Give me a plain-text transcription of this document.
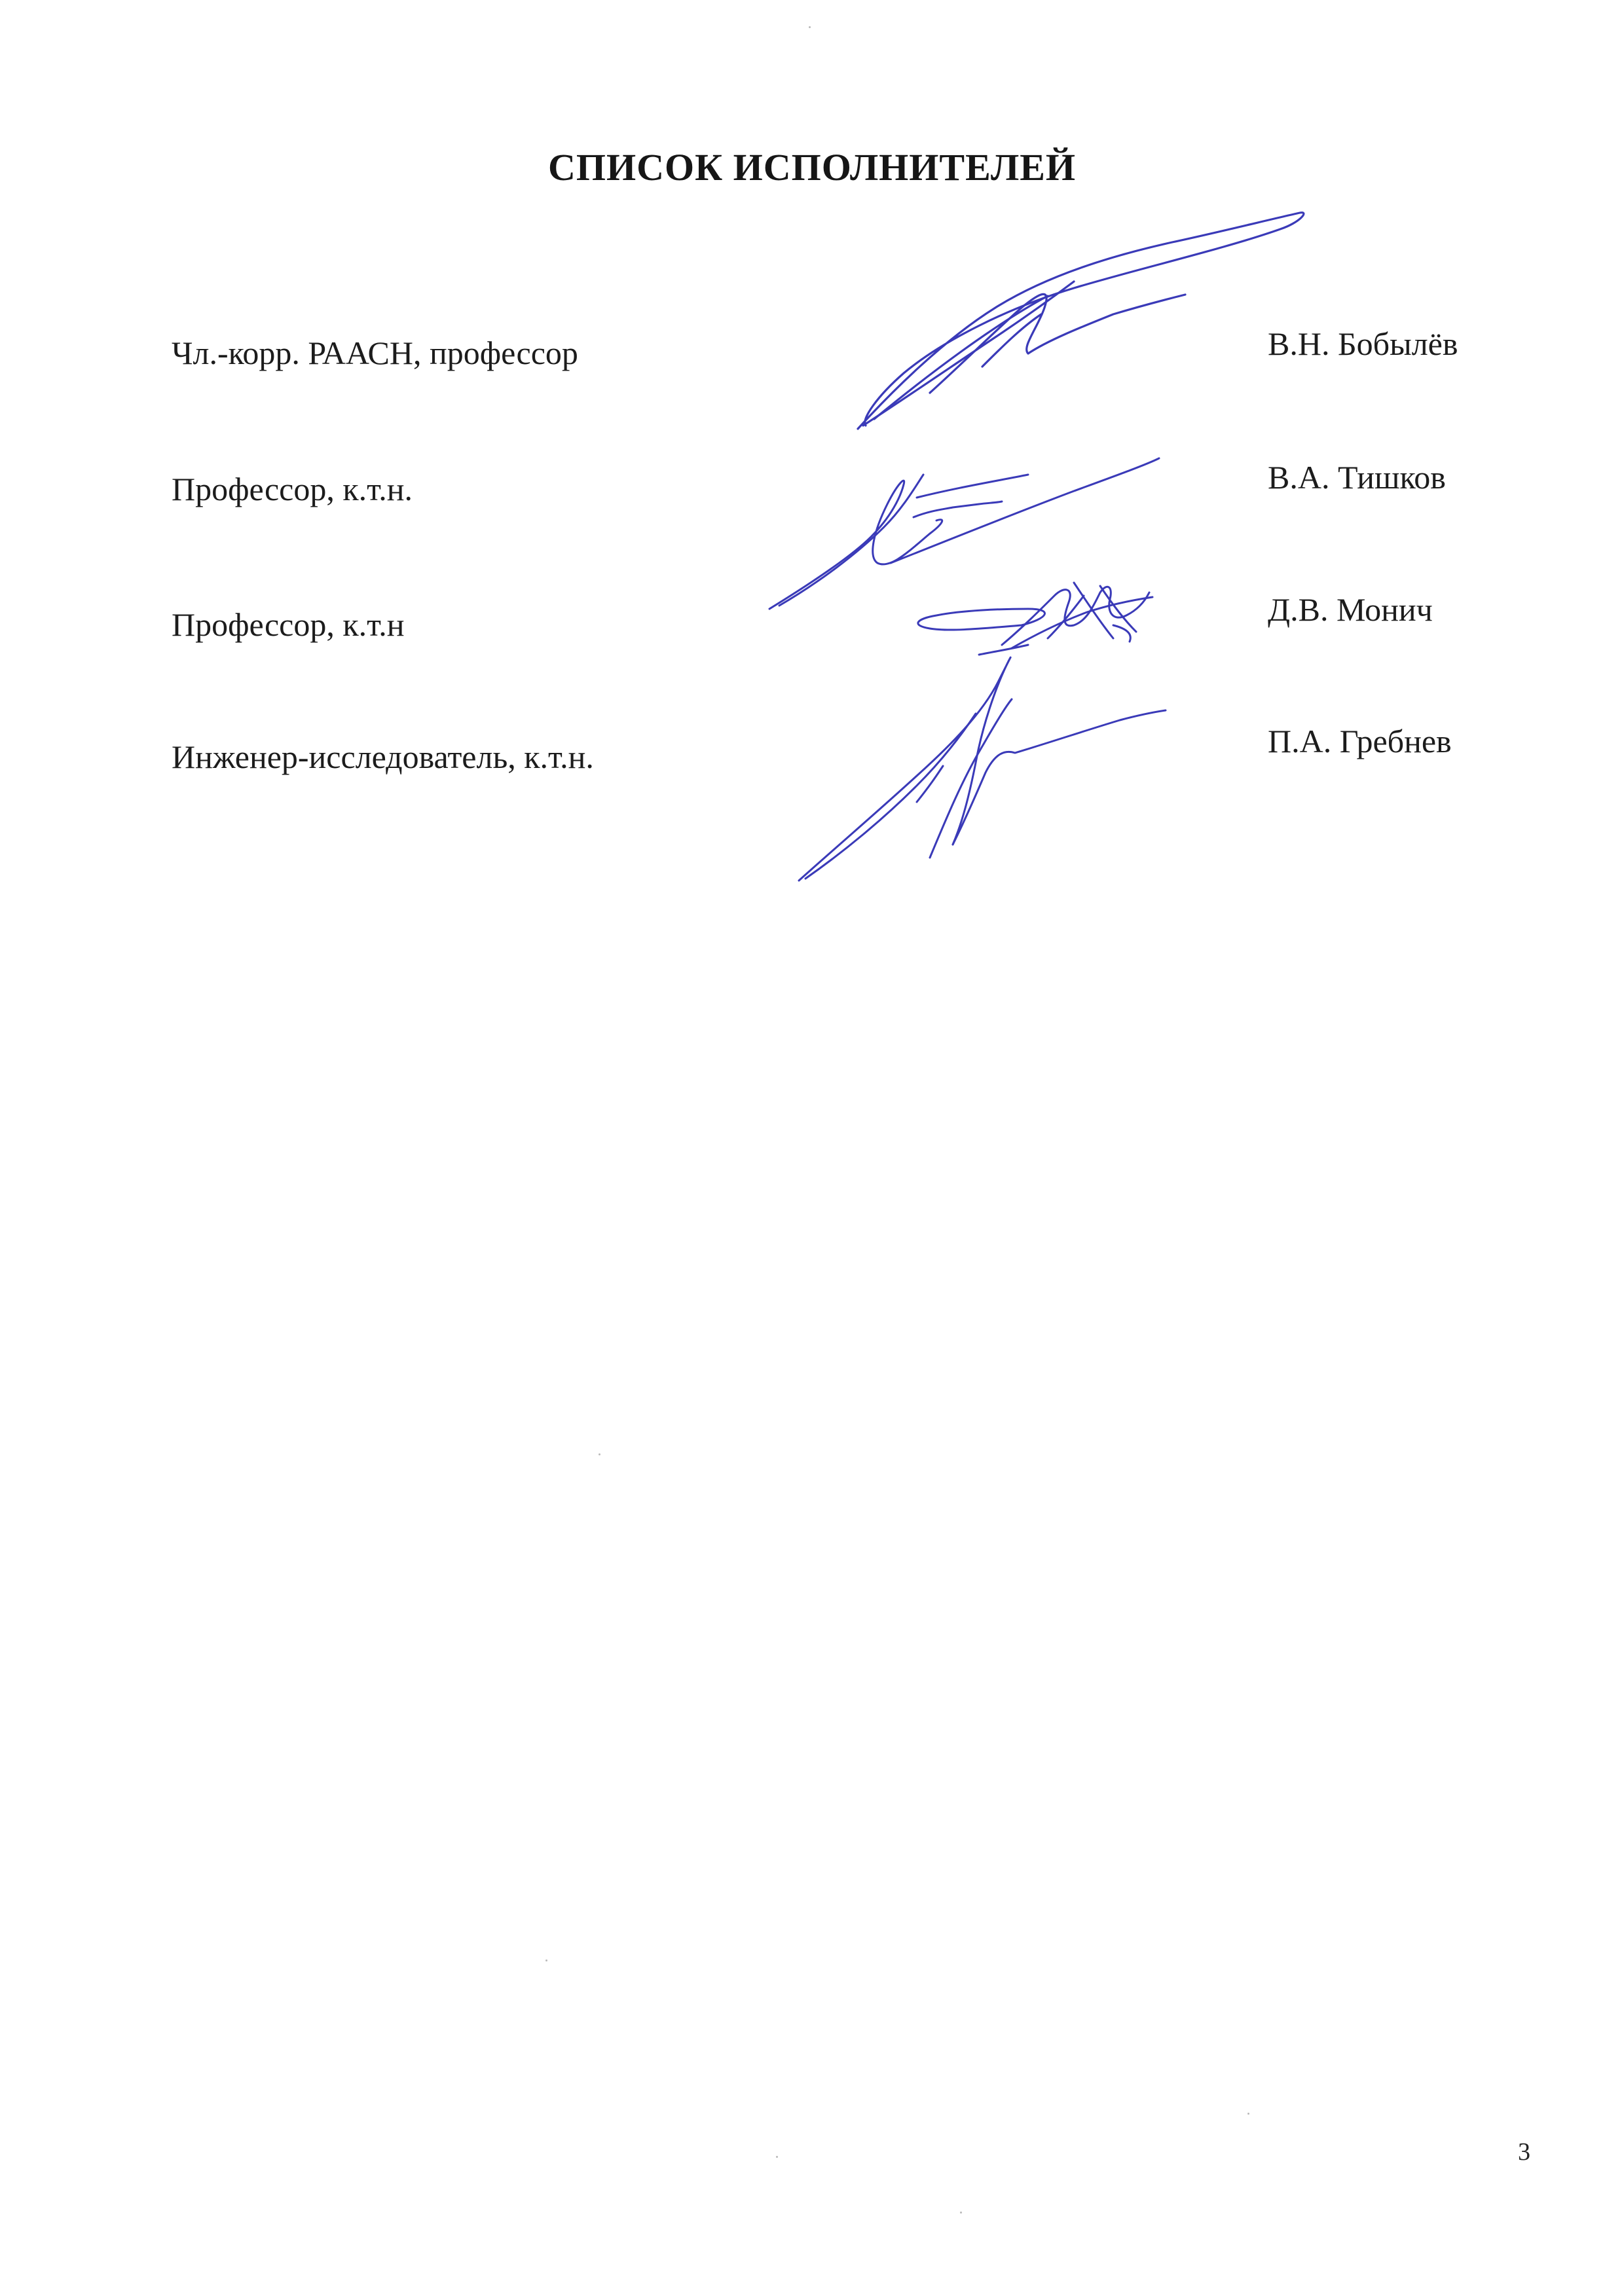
СПИСОК ИСПОЛНИТЕЛЕЙ
Чл.-корр. РААСН, профессор	В.Н. Бобылёв
Профессор, к.т.н.	В.А. Тишков
Профессор, к.т.н	Д.В. Монич
Инженер-исследователь, к.т.н.	П.А. Гребнев
3
